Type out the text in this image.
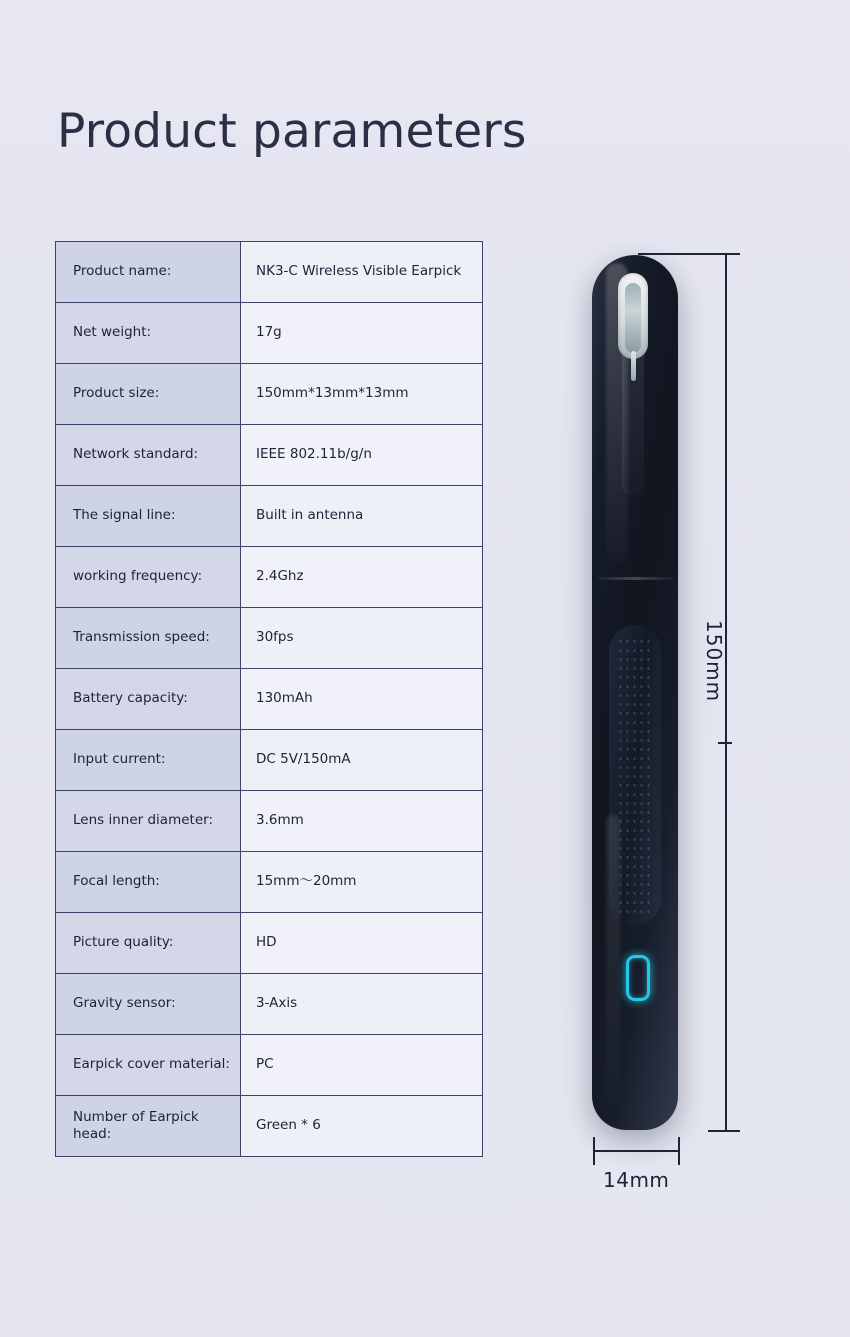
Product parameters
Product name:	NK3-C Wireless Visible Earpick
Net weight:	17g
Product size:	150mm*13mm*13mm
Network standard:	IEEE 802.11b/g/n
The signal line:	Built in antenna
working frequency:	2.4Ghz
Transmission speed:	30fps
Battery capacity:	130mAh
Input current:	DC 5V/150mA
Lens inner diameter:	3.6mm
Focal length:	15mm〜20mm
Picture quality:	HD
Gravity sensor:	3-Axis
Earpick cover material:	PC
Number of Earpick head:	Green * 6
150mm
14mm
